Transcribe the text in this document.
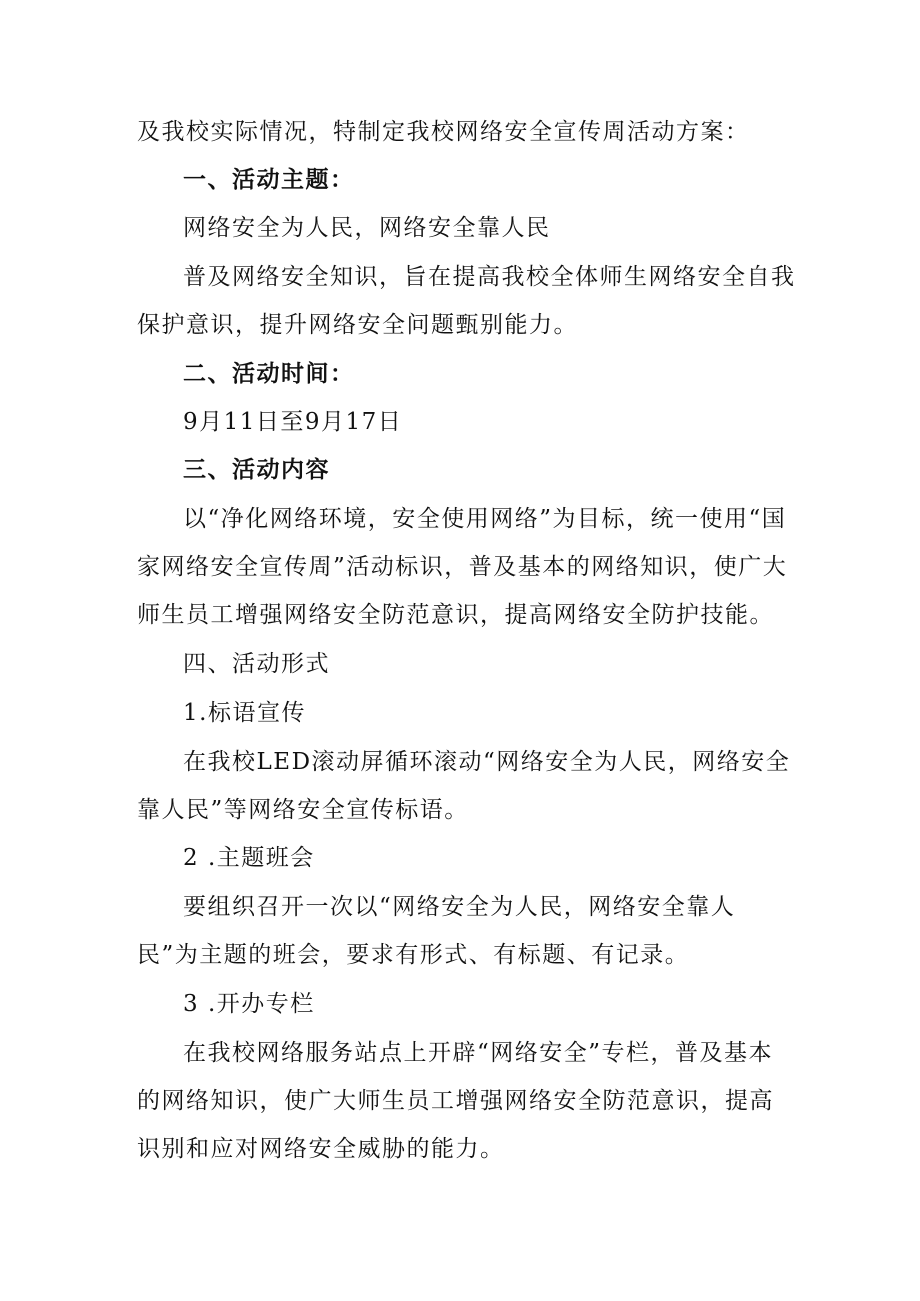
及我校实际情况，特制定我校网络安全宣传周活动方案：

一、活动主题：

网络安全为人民，网络安全靠人民

普及网络安全知识，旨在提高我校全体师生网络安全自我保护意识，提升网络安全问题甄别能力。

二、活动时间：

9月11日至9月17日

三、活动内容

以“净化网络环境，安全使用网络”为目标，统一使用“国家网络安全宣传周”活动标识，普及基本的网络知识，使广大师生员工增强网络安全防范意识，提高网络安全防护技能。

四、活动形式

1.标语宣传

在我校LED滚动屏循环滚动“网络安全为人民，网络安全靠人民”等网络安全宣传标语。

2 .主题班会

要组织召开一次以“网络安全为人民，网络安全靠人民”为主题的班会，要求有形式、有标题、有记录。

3 .开办专栏

在我校网络服务站点上开辟“网络安全”专栏，普及基本的网络知识，使广大师生员工增强网络安全防范意识，提高识别和应对网络安全威胁的能力。
